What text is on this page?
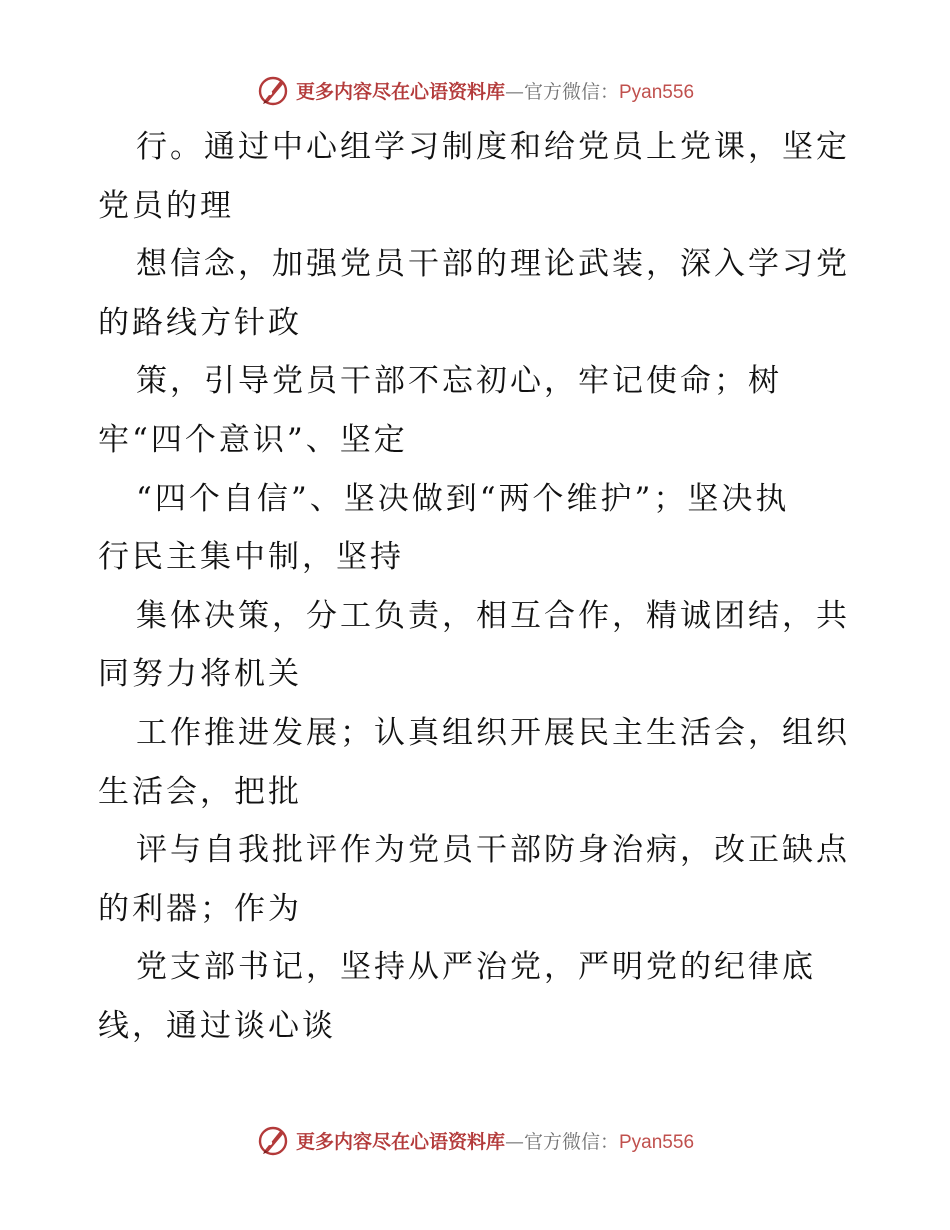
更多内容尽在心语资料库 — 官方微信： Pyan556
行。通过中心组学习制度和给党员上党课，坚定
党员的理
想信念，加强党员干部的理论武装，深入学习党
的路线方针政
策，引导党员干部不忘初心，牢记使命；树
牢“四个意识”、坚定
“四个自信”、坚决做到“两个维护”；坚决执
行民主集中制，坚持
集体决策，分工负责，相互合作，精诚团结，共
同努力将机关
工作推进发展；认真组织开展民主生活会，组织
生活会，把批
评与自我批评作为党员干部防身治病，改正缺点
的利器；作为
党支部书记，坚持从严治党，严明党的纪律底
线，通过谈心谈
更多内容尽在心语资料库 — 官方微信： Pyan556
